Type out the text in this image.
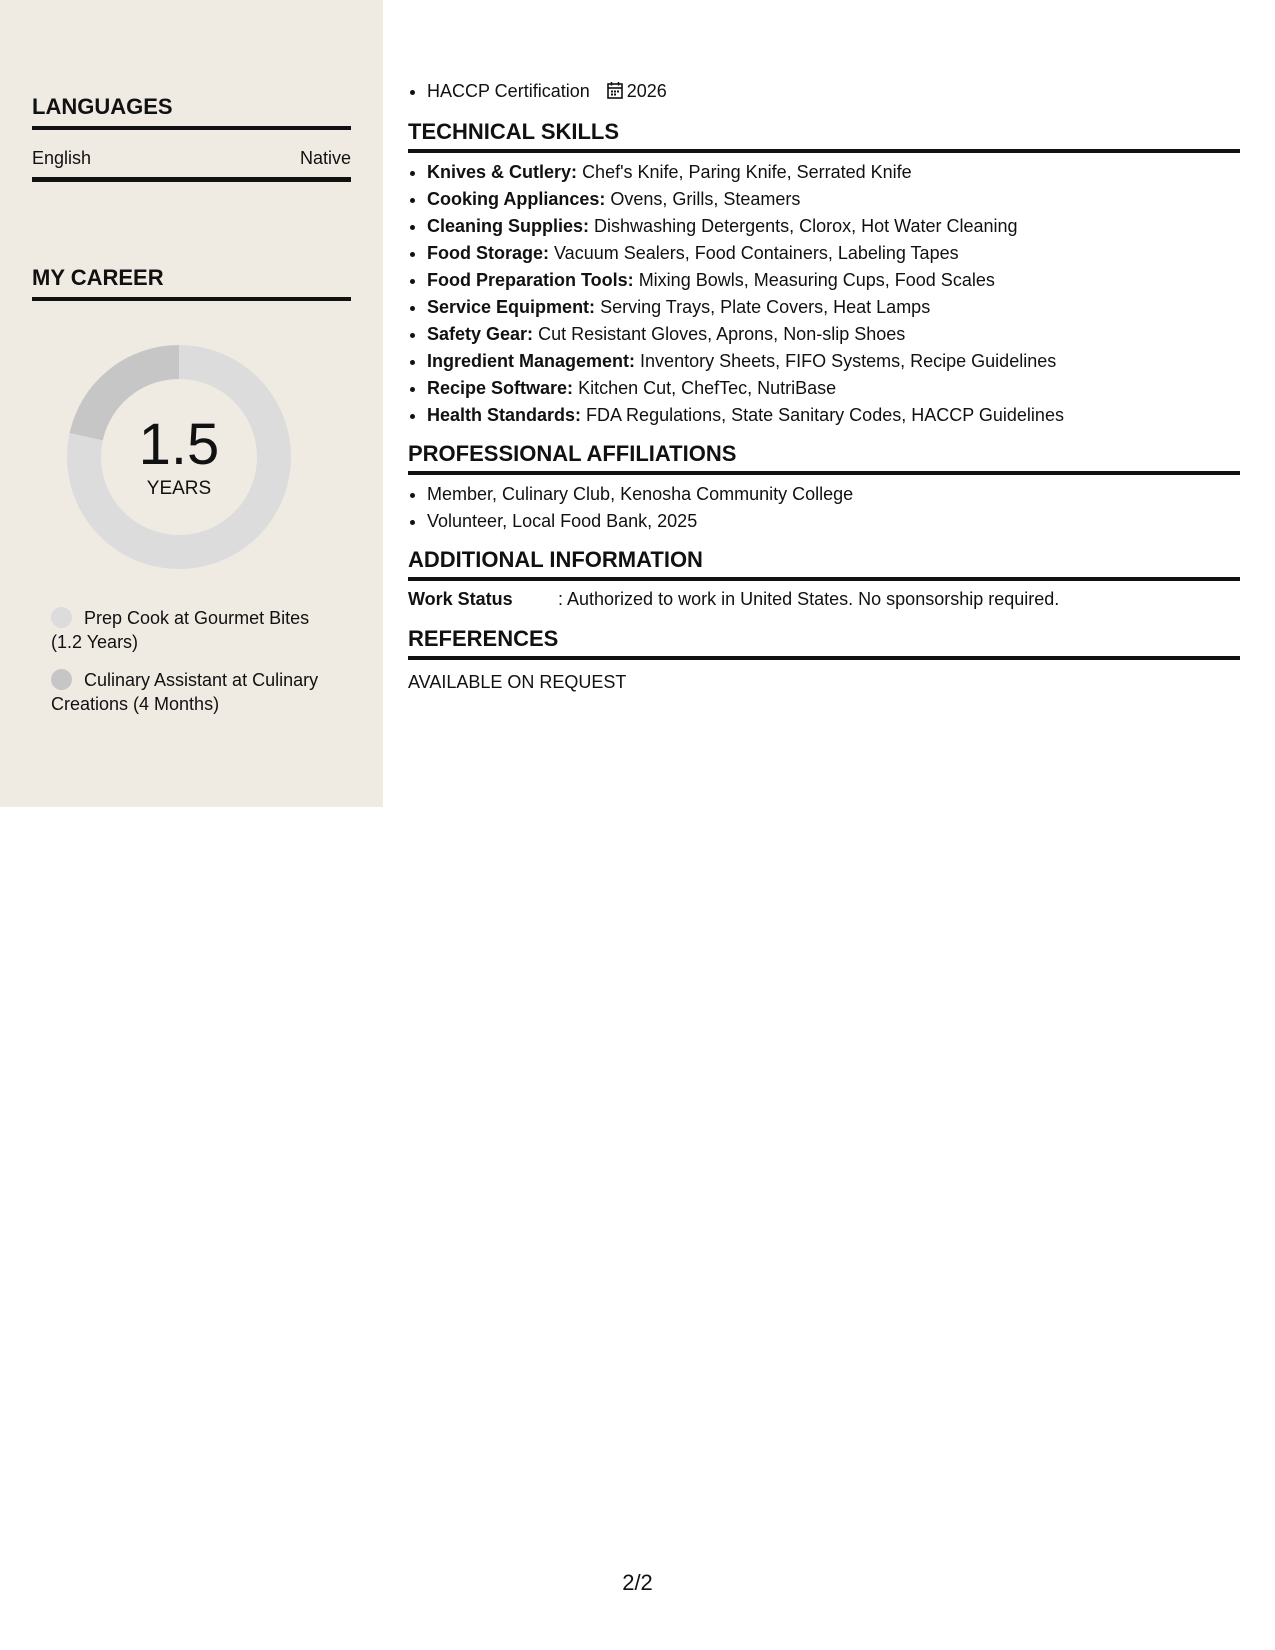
LANGUAGES
English	Native
MY CAREER
1.5
YEARS
Prep Cook at Gourmet Bites (1.2 Years)
Culinary Assistant at Culinary Creations (4 Months)
• HACCP Certification 2026
TECHNICAL SKILLS
• Knives & Cutlery: Chef's Knife, Paring Knife, Serrated Knife
• Cooking Appliances: Ovens, Grills, Steamers
• Cleaning Supplies: Dishwashing Detergents, Clorox, Hot Water Cleaning
• Food Storage: Vacuum Sealers, Food Containers, Labeling Tapes
• Food Preparation Tools: Mixing Bowls, Measuring Cups, Food Scales
• Service Equipment: Serving Trays, Plate Covers, Heat Lamps
• Safety Gear: Cut Resistant Gloves, Aprons, Non-slip Shoes
• Ingredient Management: Inventory Sheets, FIFO Systems, Recipe Guidelines
• Recipe Software: Kitchen Cut, ChefTec, NutriBase
• Health Standards: FDA Regulations, State Sanitary Codes, HACCP Guidelines
PROFESSIONAL AFFILIATIONS
• Member, Culinary Club, Kenosha Community College
• Volunteer, Local Food Bank, 2025
ADDITIONAL INFORMATION
Work Status	: Authorized to work in United States. No sponsorship required.
REFERENCES
AVAILABLE ON REQUEST
2/2
